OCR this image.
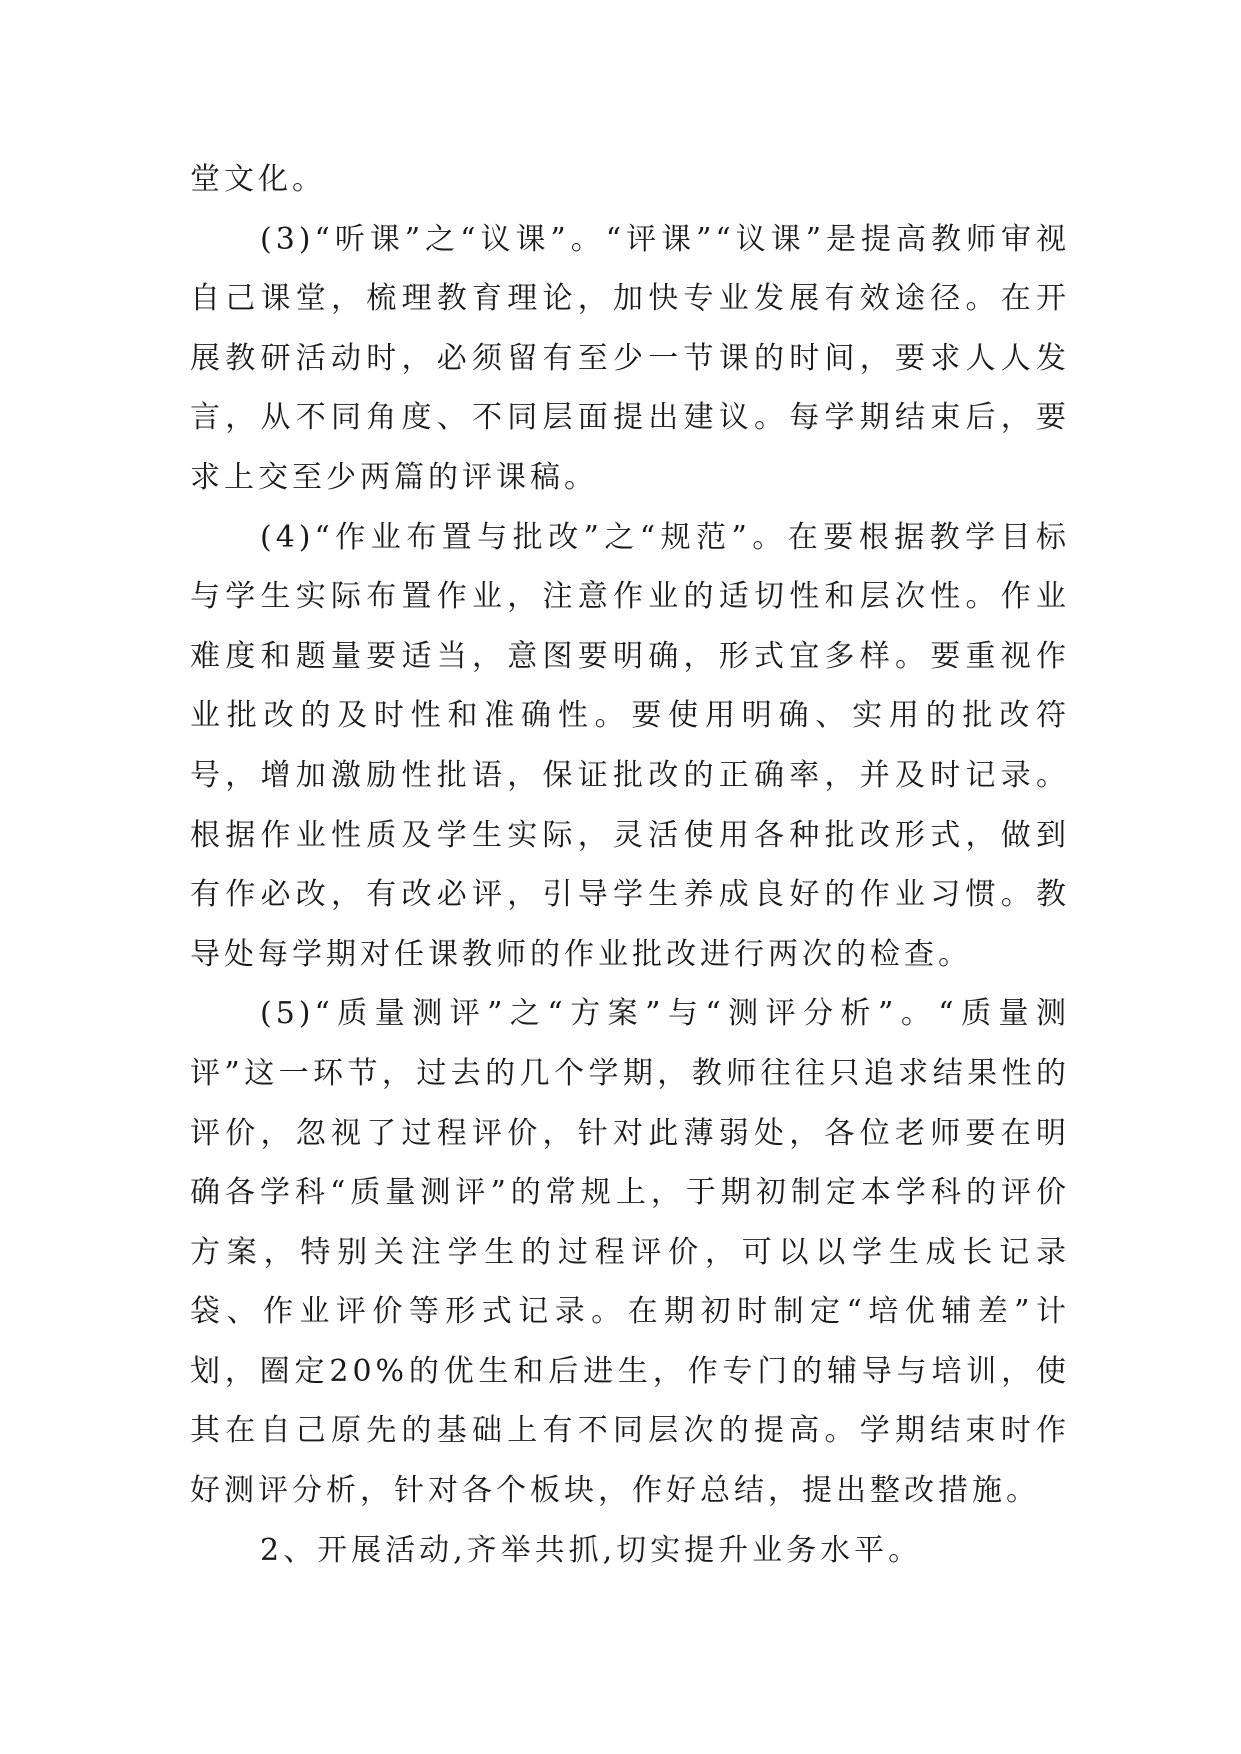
堂文化。

(3)“听课”之“议课”。“评课”“议课”是提高教师审视自己课堂，梳理教育理论，加快专业发展有效途径。在开展教研活动时，必须留有至少一节课的时间，要求人人发言，从不同角度、不同层面提出建议。每学期结束后，要求上交至少两篇的评课稿。

(4)“作业布置与批改”之“规范”。在要根据教学目标与学生实际布置作业，注意作业的适切性和层次性。作业难度和题量要适当，意图要明确，形式宜多样。要重视作业批改的及时性和准确性。要使用明确、实用的批改符号，增加激励性批语，保证批改的正确率，并及时记录。根据作业性质及学生实际，灵活使用各种批改形式，做到有作必改，有改必评，引导学生养成良好的作业习惯。教导处每学期对任课教师的作业批改进行两次的检查。

(5)“质量测评”之“方案”与“测评分析”。“质量测评”这一环节，过去的几个学期，教师往往只追求结果性的评价，忽视了过程评价，针对此薄弱处，各位老师要在明确各学科“质量测评”的常规上，于期初制定本学科的评价方案，特别关注学生的过程评价，可以以学生成长记录袋、作业评价等形式记录。在期初时制定“培优辅差”计划，圈定20%的优生和后进生，作专门的辅导与培训，使其在自己原先的基础上有不同层次的提高。学期结束时作好测评分析，针对各个板块，作好总结，提出整改措施。

2、开展活动,齐举共抓,切实提升业务水平。
